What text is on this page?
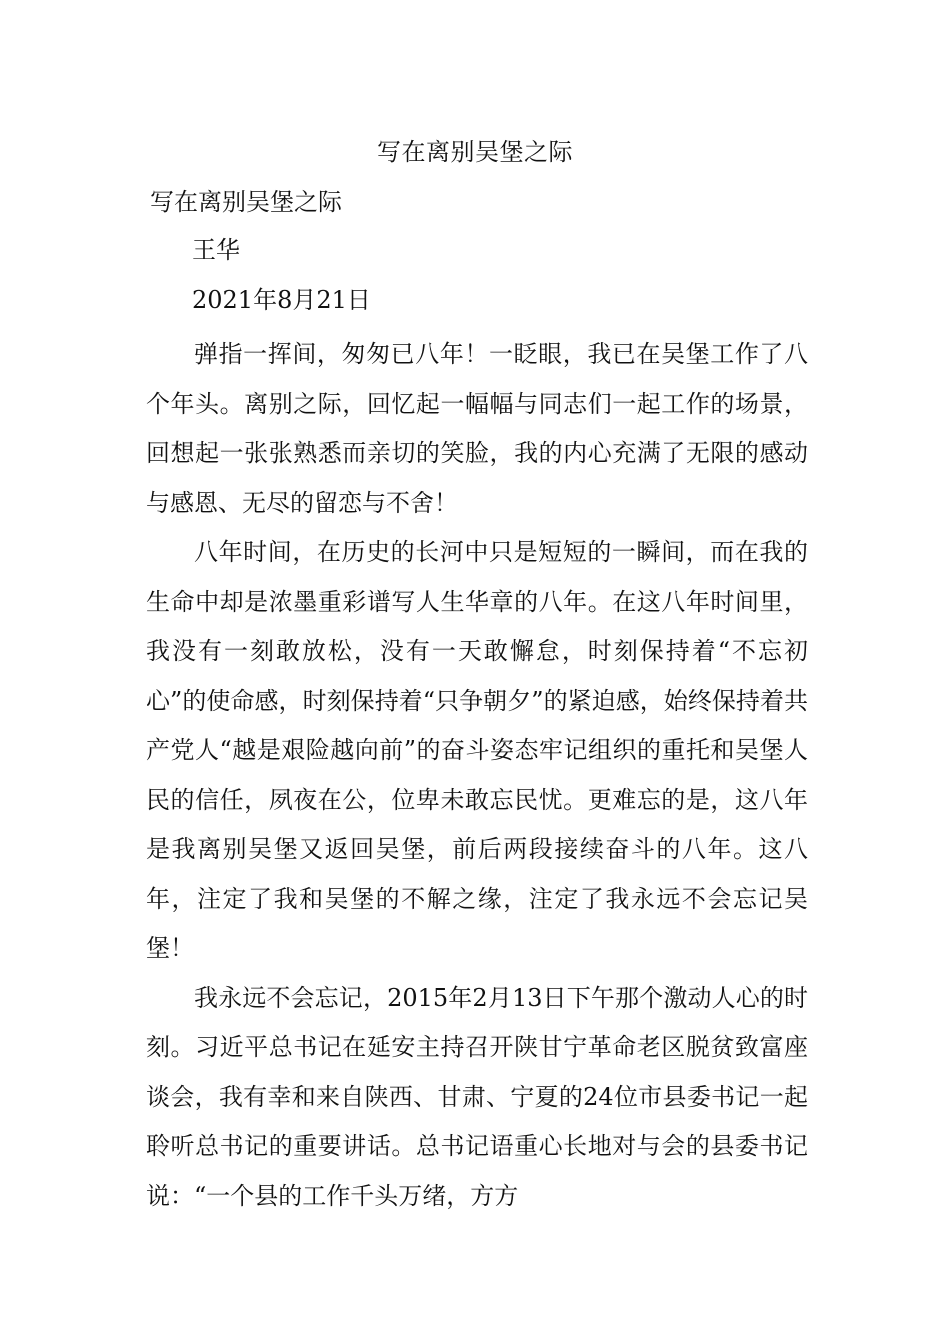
写在离别吴堡之际
写在离别吴堡之际
王华
2021年8月21日

弹指一挥间，匆匆已八年！一眨眼，我已在吴堡工作了八个年头。离别之际，回忆起一幅幅与同志们一起工作的场景，回想起一张张熟悉而亲切的笑脸，我的内心充满了无限的感动与感恩、无尽的留恋与不舍！

八年时间，在历史的长河中只是短短的一瞬间，而在我的生命中却是浓墨重彩谱写人生华章的八年。在这八年时间里，我没有一刻敢放松，没有一天敢懈怠，时刻保持着“不忘初心”的使命感，时刻保持着“只争朝夕”的紧迫感，始终保持着共产党人“越是艰险越向前”的奋斗姿态牢记组织的重托和吴堡人民的信任，夙夜在公，位卑未敢忘民忧。更难忘的是，这八年是我离别吴堡又返回吴堡，前后两段接续奋斗的八年。这八年，注定了我和吴堡的不解之缘，注定了我永远不会忘记吴堡！

我永远不会忘记，2015年2月13日下午那个激动人心的时刻。习近平总书记在延安主持召开陕甘宁革命老区脱贫致富座谈会，我有幸和来自陕西、甘肃、宁夏的24位市县委书记一起聆听总书记的重要讲话。总书记语重心长地对与会的县委书记说：“一个县的工作千头万绪，方方
